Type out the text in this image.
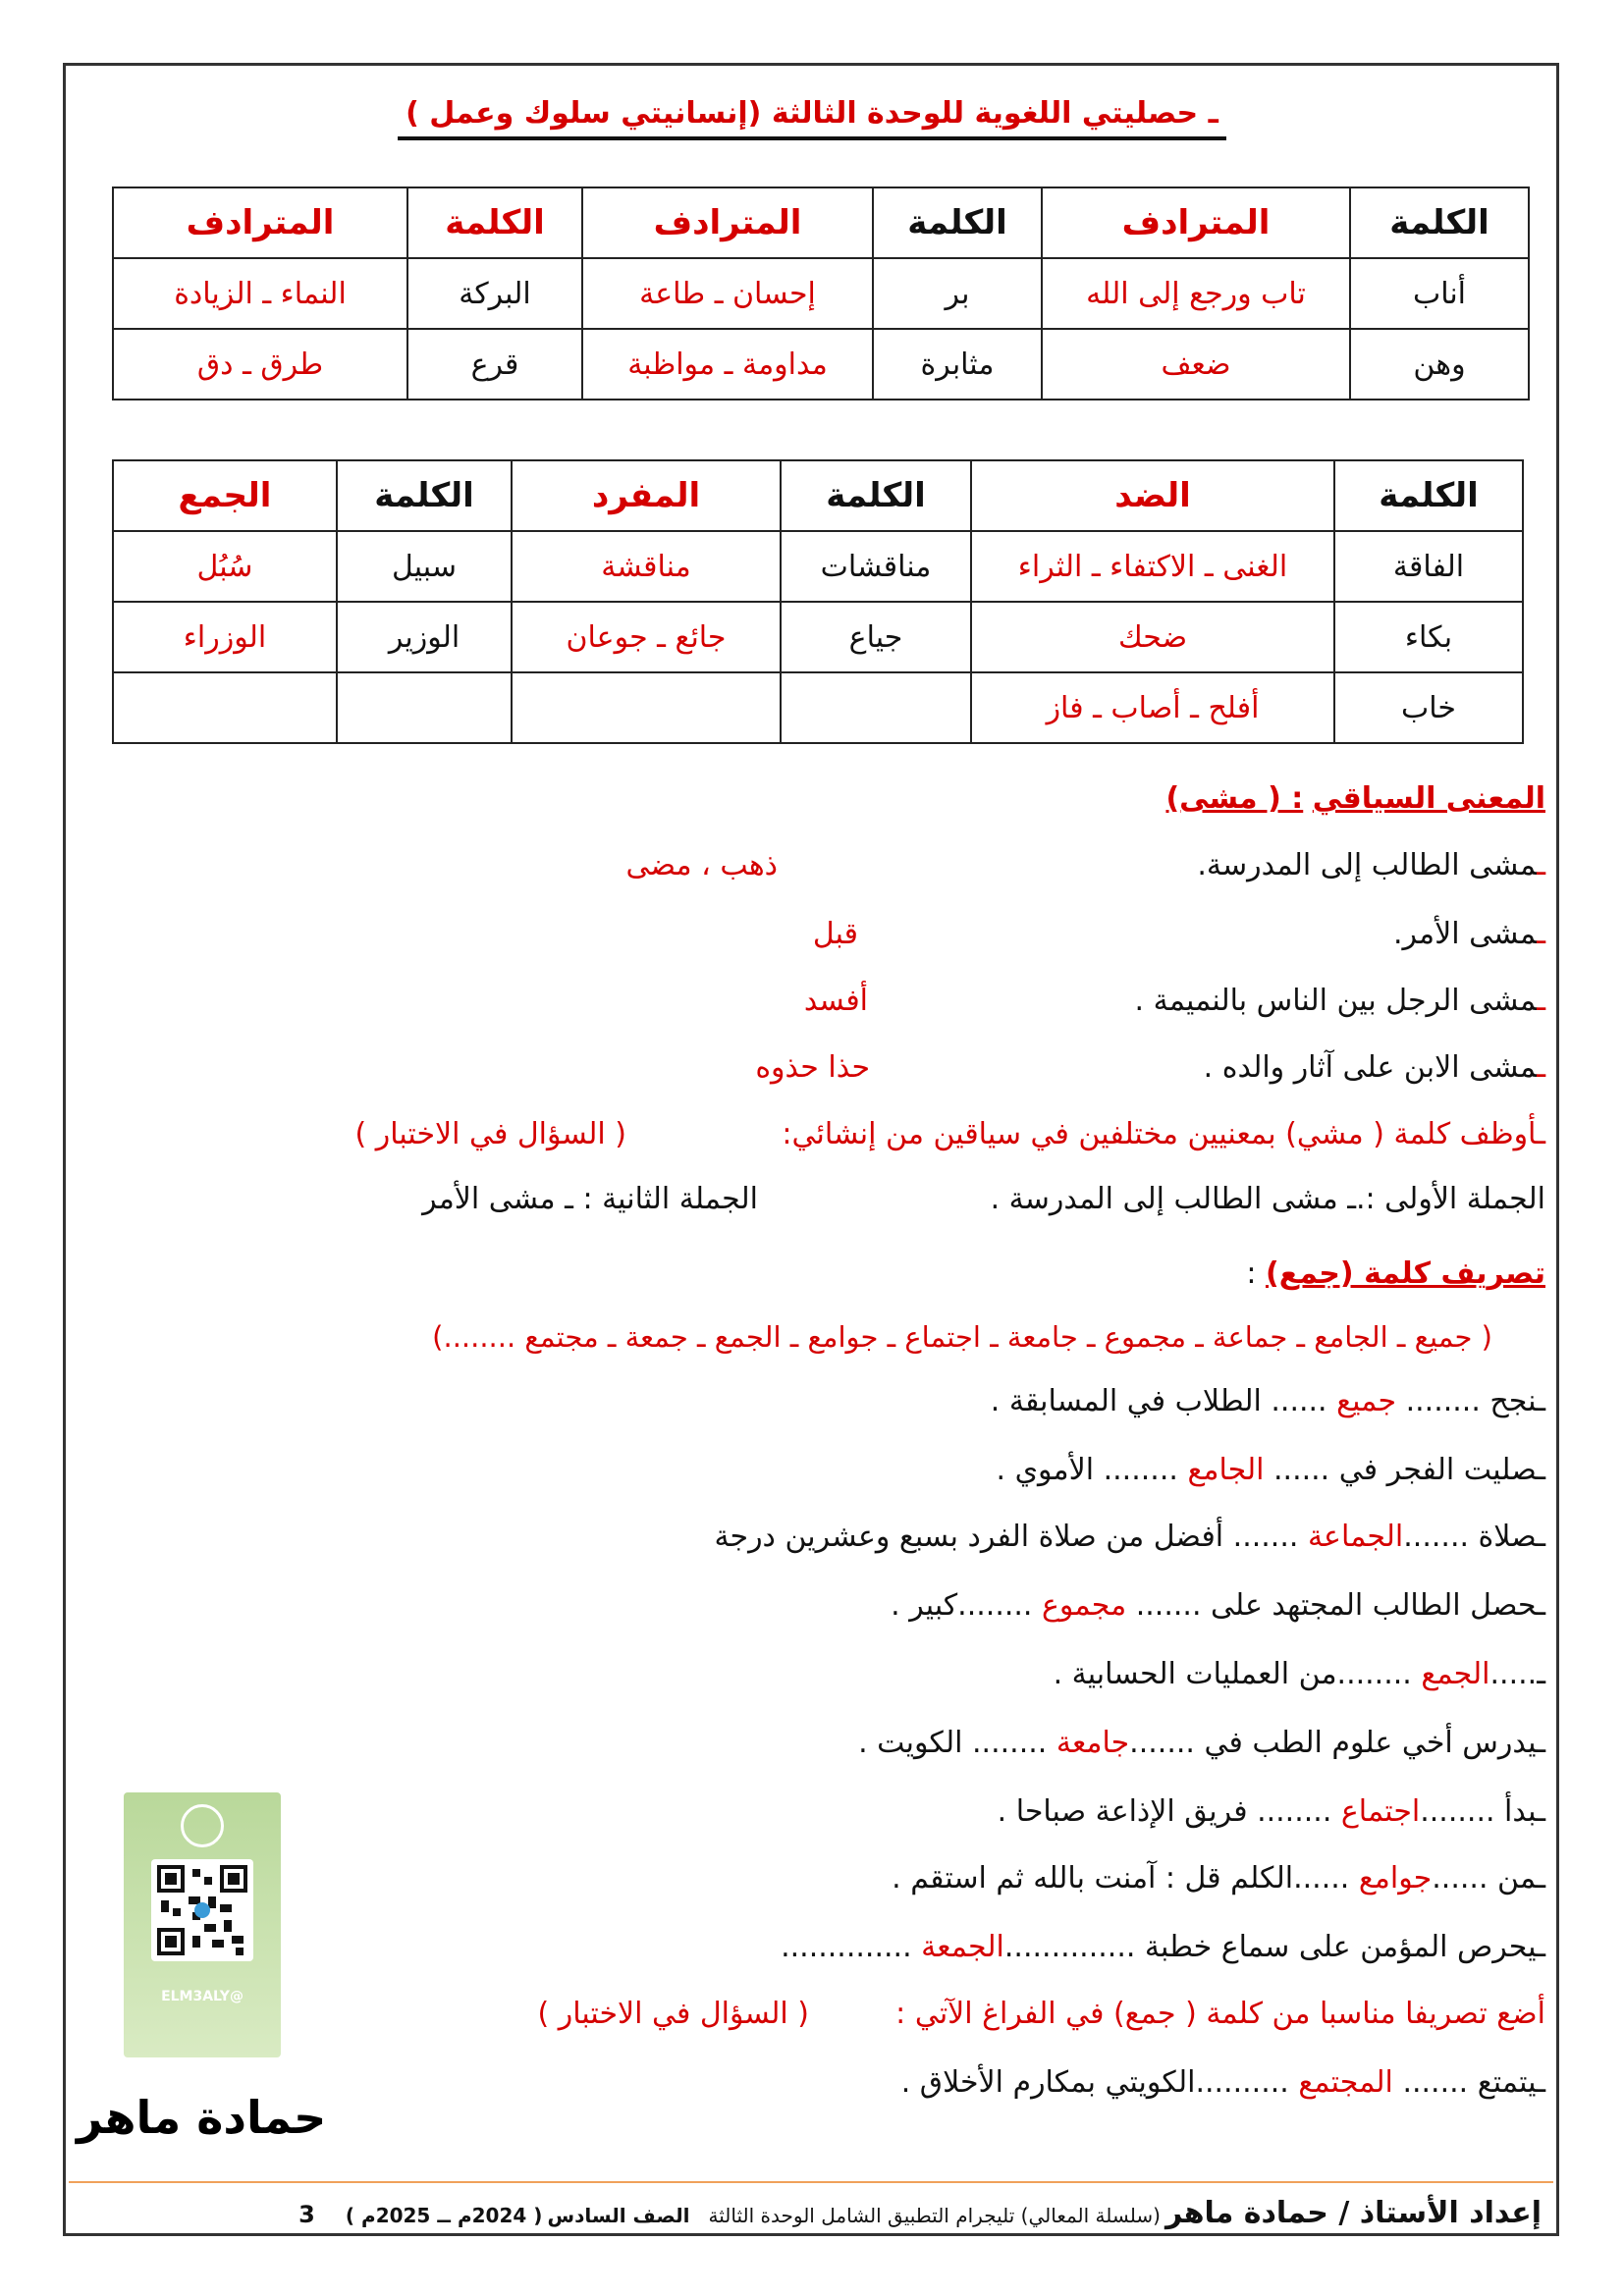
ـ حصليتي اللغوية للوحدة الثالثة (إنسانيتي سلوك وعمل )
الكلمة	المترادف	الكلمة	المترادف	الكلمة	المترادف
أناب	تاب ورجع إلى الله	بر	إحسان ـ طاعة	البركة	النماء ـ الزيادة
وهن	ضعف	مثابرة	مداومة ـ مواظبة	قرع	طرق ـ دق
الكلمة	الضد	الكلمة	المفرد	الكلمة	الجمع
الفاقة	الغنى ـ الاكتفاء ـ الثراء	مناقشات	مناقشة	سبيل	سُبُل
بكاء	ضحك	جياع	جائع ـ جوعان	الوزير	الوزراء
خاب	أفلح ـ أصاب ـ فاز				
المعنى السياقي : ( مشى)
ـمشى الطالب إلى المدرسة.
ذهب ، مضى
ـمشى الأمر.
قبل
ـمشى الرجل بين الناس بالنميمة .
أفسد
ـمشى الابن على آثار والده .
حذا حذوه
ـأوظف كلمة ( مشي) بمعنيين مختلفين في سياقين من إنشائي:
( السؤال في الاختبار )
الجملة الأولى :.ـ مشى الطالب إلى المدرسة .
الجملة الثانية : ـ مشى الأمر
تصريف كلمة (جمع) :
( جميع ـ الجامع ـ جماعة ـ مجموع ـ جامعة ـ اجتماع ـ جوامع ـ الجمع ـ جمعة ـ مجتمع ........)
ـنجح ........ جميع ...... الطلاب في المسابقة .
ـصليت الفجر في ...... الجامع ........ الأموي .
ـصلاة .......الجماعة ....... أفضل من صلاة الفرد بسبع وعشرين درجة
ـحصل الطالب المجتهد على ....... مجموع ........كبير .
ـ.....الجمع ........من العمليات الحسابية .
ـيدرس أخي علوم الطب في .......جامعة ........ الكويت .
ـبدأ ........اجتماع ........ فريق الإذاعة صباحا .
ـمن ......جوامع ......الكلم قل : آمنت بالله ثم استقم .
ـيحرص المؤمن على سماع خطبة ..............الجمعة ..............
أضع تصريفا مناسبا من كلمة ( جمع) في الفراغ الآتي :
( السؤال في الاختبار )
ـيتمتع ....... المجتمع ..........الكويتي بمكارم الأخلاق .
@ELM3ALY
حمادة ماهر
إعداد الأستاذ / حمادة ماهر (سلسلة المعالي) تليجرام التطبيق الشامل الوحدة الثالثة الصف السادس ( 2024م ــ 2025م ) 3
